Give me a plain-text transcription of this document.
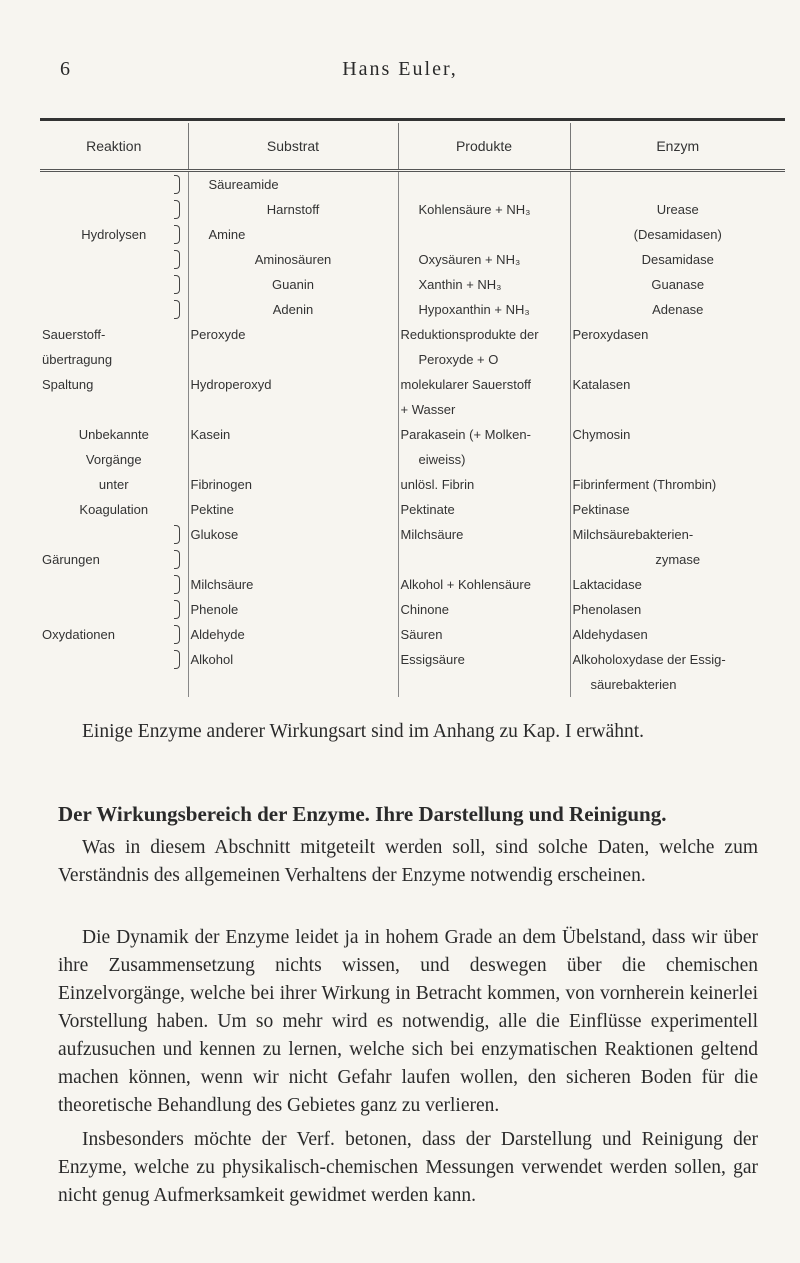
6	Hans Euler,
Reaktion	Substrat	Produkte	Enzym
	Säureamide		
	Harnstoff	Kohlensäure + NH₃	Urease
Hydrolysen	Amine		(Desamidasen)
	Aminosäuren	Oxysäuren + NH₃	Desamidase
	Guanin	Xanthin + NH₃	Guanase
	Adenin	Hypoxanthin + NH₃	Adenase
Sauerstoff-	Peroxyde	Reduktionsprodukte der	Peroxydasen
übertragung		Peroxyde + O	
Spaltung	Hydroperoxyd	molekularer Sauerstoff	Katalasen
		+ Wasser	
Unbekannte	Kasein	Parakasein (+ Molken-	Chymosin
Vorgänge		eiweiss)	
unter	Fibrinogen	unlösl. Fibrin	Fibrinferment (Thrombin)
Koagulation	Pektine	Pektinate	Pektinase
	Glukose	Milchsäure	Milchsäurebakterien-
Gärungen			zymase
	Milchsäure	Alkohol + Kohlensäure	Laktacidase
	Phenole	Chinone	Phenolasen
Oxydationen	Aldehyde	Säuren	Aldehydasen
	Alkohol	Essigsäure	Alkoholoxydase der Essig-
			säurebakterien

Einige Enzyme anderer Wirkungsart sind im Anhang zu Kap. I erwähnt.

Der Wirkungsbereich der Enzyme. Ihre Darstellung und Reinigung.

Was in diesem Abschnitt mitgeteilt werden soll, sind solche Daten, welche zum Verständnis des allgemeinen Verhaltens der Enzyme notwendig erscheinen.

Die Dynamik der Enzyme leidet ja in hohem Grade an dem Übelstand, dass wir über ihre Zusammensetzung nichts wissen, und deswegen über die chemischen Einzelvorgänge, welche bei ihrer Wirkung in Betracht kommen, von vornherein keinerlei Vorstellung haben. Um so mehr wird es notwendig, alle die Einflüsse experimentell aufzusuchen und kennen zu lernen, welche sich bei enzymatischen Reaktionen geltend machen können, wenn wir nicht Gefahr laufen wollen, den sicheren Boden für die theoretische Behandlung des Gebietes ganz zu verlieren.

Insbesonders möchte der Verf. betonen, dass der Darstellung und Reinigung der Enzyme, welche zu physikalisch-chemischen Messungen verwendet werden sollen, gar nicht genug Aufmerksamkeit gewidmet werden kann.
